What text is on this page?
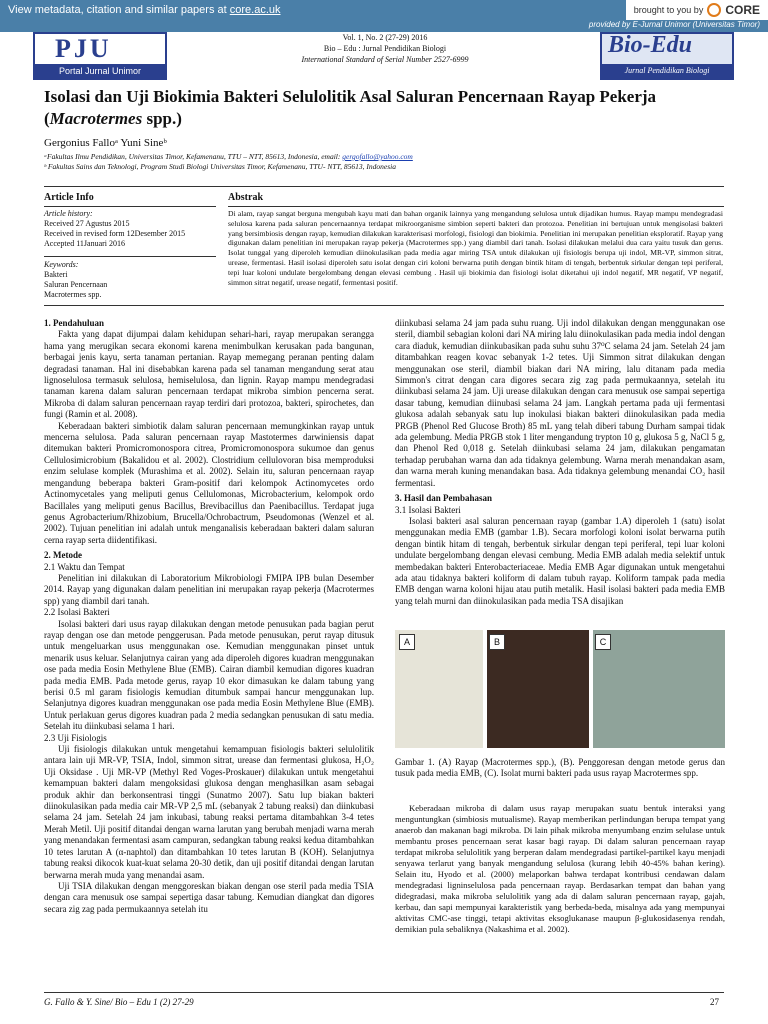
View metadata, citation and similar papers at core.ac.uk	brought to you by CORE
provided by E-Jurnal Unimor (Universitas Timor)
PJU
Portal Jurnal Unimor
Vol. 1, No. 2 (27-29) 2016
Bio – Edu : Jurnal Pendidikan Biologi
International Standard of Serial Number 2527-6999
Bio-Edu
Jurnal Pendidikan Biologi
Isolasi dan Uji Biokimia Bakteri Selulolitik Asal Saluran Pencernaan Rayap Pekerja (Macrotermes spp.)
Gergonius Falloᵃ Yuni Sineᵇ
ᵃFakultas Ilmu Pendidikan, Universitas Timor, Kefamenanu, TTU – NTT, 85613, Indonesia, email: gergofallo@yahoo.com
ᵇ Fakultas Sains dan Teknologi, Program Studi Biologi Universitas Timor, Kefamenanu, TTU- NTT, 85613, Indonesia
Article Info	Abstrak
Article history:
Received 27 Agustus 2015
Received in revised form 12Desember 2015
Accepted 11Januari 2016
Keywords:
Bakteri
Saluran Pencernaan
Macrotermes spp.
Di alam, rayap sangat berguna mengubah kayu mati dan bahan organik lainnya yang mengandung selulosa untuk dijadikan humus. Rayap mampu mendegradasi selulosa karena pada saluran pencernaannya terdapat mikroorganisme simbion seperti bakteri dan protozoa. Penelitian ini bertujuan untuk mengisolasi bakteri yang bersimbiosis dengan rayap, kemudian dilakukan karakterisasi morfologi, fisiologi dan biokimia. Penelitian ini merupakan penelitian eksploratif. Rayap yang digunakan dalam penelitian ini merupakan rayap pekerja (Macrotermes spp.) yang diambil dari tanah. Isolasi dilakukan melalui dua cara yaitu tusuk dan gerus. Isolat tunggal yang diperoleh kemudian diinokulasikan pada media agar miring TSA untuk dilakukan uji fisiologis berupa uji indol, MR-VP, simmon sitrat, urease, fermentasi. Hasil isolasi diperoleh satu isolat dengan ciri koloni berwarna putih dengan bintik hitam di tengah, berbentuk sirkular dengan tepi periferal, tepi luar koloni undulate bergelombang dengan elevasi cembung . Hasil uji biokimia dan fisiologi isolat diketahui uji indol negatif, MR negatif, VP negatif, simmon sitrat negatif, urease negatif, fermentasi positif.

1. Pendahuluan

Fakta yang dapat dijumpai dalam kehidupan sehari-hari, rayap merupakan serangga hama yang merugikan secara ekonomi karena menimbulkan kerusakan pada bangunan, berbagai jenis kayu, serta tanaman pertanian. Rayap memegang peranan penting dalam degradasi tanaman. Hal ini disebabkan karena pada sel tanaman mengandung serat atau lignoselulosa termasuk selulosa, hemiselulosa, dan lignin. Rayap mampu mendegradasi tanaman karena dalam saluran pencernaan terdapat mikroba simbion pencerna serat. Mikroba di dalam saluran pencernaan rayap terdiri dari protozoa, bakteri, spirochetes, dan fungi (Ramin et al. 2008).

Keberadaan bakteri simbiotik dalam saluran pencernaan memungkinkan rayap untuk mencerna selulosa. Pada saluran pencernaan rayap Mastotermes darwiniensis dapat ditemukan bakteri Promicromonospora citrea, Promicromonospora sukumoe dan genus Cellulosimicrobium (Bakalidou et al. 2002). Clostridium cellulovoran bisa memproduksi enzim selulase komplek (Murashima et al. 2002). Selain itu, saluran pencernaan rayap mengandung beberapa bakteri Gram-positif dari kelompok Actinomycetes ordo Actinomycetales yang meliputi genus Cellulomonas, Microbacterium, kelompok ordo Bacillales yang meliputi genus Bacillus, Brevibacillus dan Paenibacillus. Terdapat juga genus Agrobacterium/Rhizobium, Brucella/Ochrobactrum, Pseudomonas (Wenzel et al. 2002). Tujuan penelitian ini adalah untuk menganalisis keberadaan bakteri dalam saluran cerna rayap serta diidentifikasi.

2. Metode

2.1 Waktu dan Tempat

Penelitian ini dilakukan di Laboratorium Mikrobiologi FMIPA IPB bulan Desember 2014. Rayap yang digunakan dalam penelitian ini merupakan rayap pekerja (Macrotermes spp) yang diambil dari tanah.

2.2 Isolasi Bakteri

Isolasi bakteri dari usus rayap dilakukan dengan metode penusukan pada bagian perut rayap dengan ose dan metode penggerusan. Pada metode penusukan, perut rayap ditusuk untuk mengeluarkan usus menggunakan ose. Kemudian menggunakan pinset untuk menarik usus keluar. Selanjutnya cairan yang ada diperoleh digores kuadran menggunakan ose pada media Eosin Methylene Blue (EMB). Cairan diambil kemudian digores kuadran pada media EMB. Pada metode gerus, rayap 10 ekor dimasukan ke dalam tabung yang berisi 0.5 ml garam fisiologis kemudian ditumbuk sampai hancur menggunakan lup. Selanjutnya digores kuadran menggunakan ose pada media Eosin Methylene Blue (EMB). Untuk perlakuan gerus digores kuadran pada 2 media sedangkan penusukan di satu media. Setelah itu diinkubasi selama 1 hari.

2.3 Uji Fisiologis

Uji fisiologis dilakukan untuk mengetahui kemampuan fisiologis bakteri selulolitik antara lain uji MR-VP, TSIA, Indol, simmon sitrat, urease dan fermentasi glukosa, H₂O₂ Uji Oksidase . Uji MR-VP (Methyl Red Voges-Proskauer) dilakukan untuk mengetahui kemampuan bakteri dalam mengoksidasi glukosa dengan menghasilkan asam sebagai produk akhir dan berkonsentrasi tinggi (Sunatmo 2007). Satu lup biakan bakteri diinokulasikan pada media cair MR-VP 2,5 mL (sebanyak 2 tabung reaksi) dan diinkubasi selama 24 jam. Setelah 24 jam inkubasi, tabung reaksi pertama ditambahkan 3-4 tetes Merah Metil. Uji positif ditandai dengan warna larutan yang berubah menjadi warna merah yang menandakan fermentasi asam campuran, sedangkan tabung reaksi kedua ditambahkan 10 tetes larutan A (α-naphtol) dan ditambahkan 10 tetes larutan B (KOH). Selanjutnya tabung reaksi dikocok kuat-kuat selama 20-30 detik, dan uji positif ditandai dengan larutan berwarna merah muda yang menandai asam.

Uji TSIA dilakukan dengan menggoreskan biakan dengan ose steril pada media TSIA dengan cara menusuk ose sampai sepertiga dasar tabung. Kemudian diangkat dan digores secara zig zag pada permukaannya setelah itu

diinkubasi selama 24 jam pada suhu ruang. Uji indol dilakukan dengan menggunakan ose steril, diambil sebagian koloni dari NA miring lalu diinokulasikan pada media indol dengan cara diaduk, kemudian diinkubasikan pada suhu suhu 37⁰C selama 24 jam. Setelah 24 jam ditambahkan reagen kovac sebanyak 1-2 tetes. Uji Simmon sitrat dilakukan dengan menggunakan ose steril, diambil biakan dari NA miring, lalu ditanam pada media Simmon's citrat dengan cara digores secara zig zag pada permukaannya, setelah itu diinkubasi selama 24 jam. Uji urease dilakukan dengan cara menusuk ose sampai sepertiga dasar tabung, kemudian diinubasi selama 24 jam. Langkah pertama pada uji fermentasi glukosa adalah sebanyak satu lup inokulasi biakan bakteri diinokulasikan pada media PRGB (Phenol Red Glucose Broth) 85 mL yang telah diberi tabung Durham sampai tidak ada gelembung. Media PRGB stok 1 liter mengandung trypton 10 g, glukosa 5 g, NaCl 5 g, dan Phenol Red 0,018 g. Setelah diinkubasi selama 24 jam, dilakukan pengamatan terhadap perubahan warna dan ada tidaknya gelembung. Warna merah menandakan asam, dan warna merah kuning menandakan basa. Ada tidaknya gelembung menandai CO₂ hasil fermentasi.

3. Hasil dan Pembahasan

3.1 Isolasi Bakteri

Isolasi bakteri asal saluran pencernaan rayap (gambar 1.A) diperoleh 1 (satu) isolat menggunakan media EMB (gambar 1.B). Secara morfologi koloni isolat berwarna putih dengan bintik hitam di tengah, berbentuk sirkular dengan tepi periferal, tepi luar koloni undulate bergelombang dengan elevasi cembung. Media EMB adalah media selektif untuk membedakan bakteri Enterobacteriaceae. Media EMB Agar digunakan untuk mengetahui ada atau tidaknya bakteri koliform di dalam tubuh rayap. Koliform tampak pada media EMB dengan warna koloni hijau atau putih metalik. Hasil isolasi bakteri pada media EMB yang telah murni dan diinokulasikan pada media TSA disajikan

A	B	C
Gambar 1. (A) Rayap (Macrotermes spp.), (B). Penggoresan dengan metode gerus dan tusuk pada media EMB, (C). Isolat murni bakteri pada usus rayap Macrotermes spp.

Keberadaan mikroba di dalam usus rayap merupakan suatu bentuk interaksi yang menguntungkan (simbiosis mutualisme). Rayap memberikan perlindungan berupa tempat yang anaerob dan makanan bagi mikroba. Di lain pihak mikroba menyumbang enzim selulase untuk membantu proses pencernaan serat kasar bagi rayap. Di dalam saluran pencernaan rayap terdapat mikroba selulolitik yang berperan dalam mendegradasi partikel-partikel kayu menjadi senyawa terlarut yang banyak mengandung selulosa (kurang lebih 40-45% bahan kering). Selain itu, Hyodo et al. (2000) melaporkan bahwa terdapat kontribusi cendawan dalam mendegradasi ligninselulosa pada pencernaan rayap. Berdasarkan tempat dan bahan yang didegradasi, maka mikroba selulolitik yang ada di dalam saluran pencernaan rayap, gajah, kerbau, dan sapi mempunyai karakteristik yang berbeda-beda, misalnya ada yang mempunyai aktivitas CMC-ase tinggi, tetapi aktivitas eksoglukanase maupun β-glukosidasenya rendah, demikian pula sebaliknya (Nakashima et al. 2002).

G. Fallo & Y. Sine/ Bio – Edu 1 (2) 27-29	27
